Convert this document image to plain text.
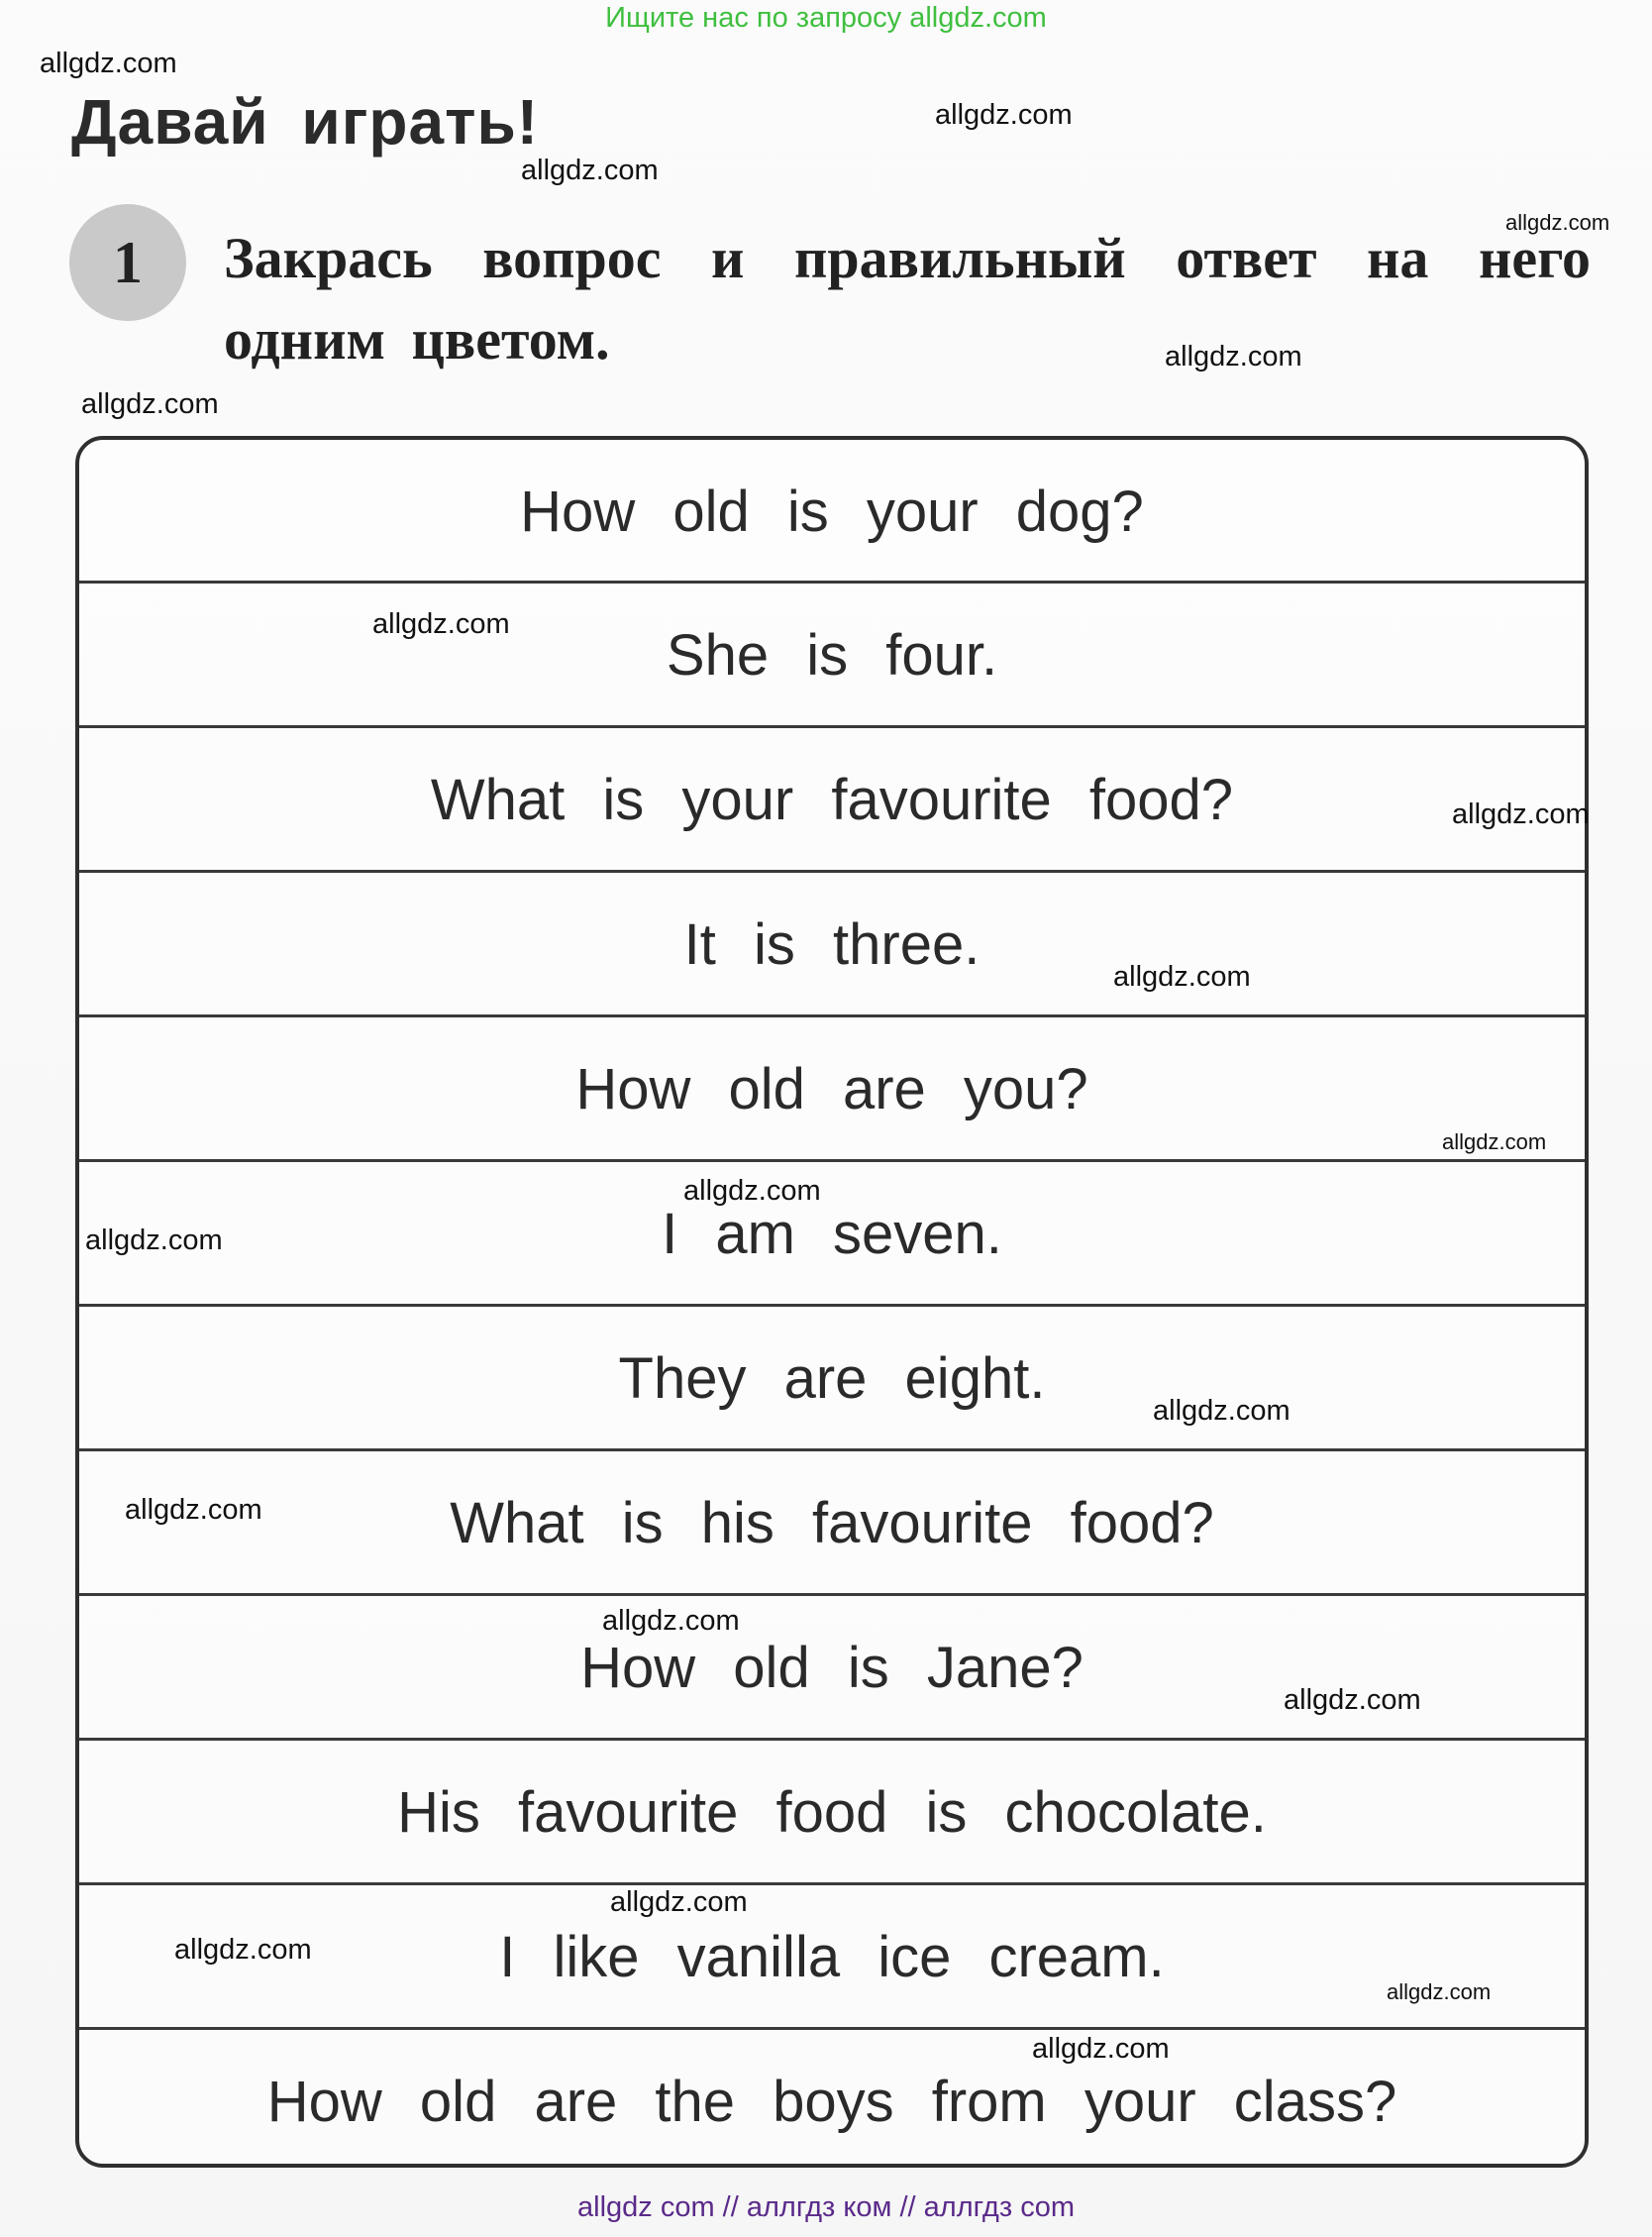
Ищите нас по запросу allgdz.com
Давай играть!
1	Закрась вопрос и правильный ответ на него одним цветом.
How old is your dog?
She is four.
What is your favourite food?
It is three.
How old are you?
I am seven.
They are eight.
What is his favourite food?
How old is Jane?
His favourite food is chocolate.
I like vanilla ice cream.
How old are the boys from your class?
allgdz.com
allgdz.com
allgdz.com
allgdz.com
allgdz.com
allgdz.com
allgdz.com
allgdz.com
allgdz.com
allgdz.com
allgdz.com
allgdz.com
allgdz.com
allgdz.com
allgdz.com
allgdz.com
allgdz.com
allgdz.com
allgdz.com
allgdz.com
allgdz com // аллгдз ком // аллгдз com
